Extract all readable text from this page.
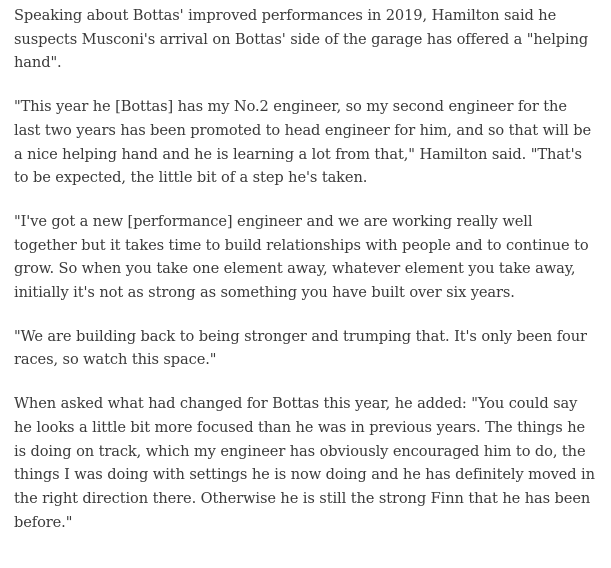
Speaking about Bottas' improved performances in 2019, Hamilton said he suspects Musconi's arrival on Bottas' side of the garage has offered a "helping hand".

"This year he [Bottas] has my No.2 engineer, so my second engineer for the last two years has been promoted to head engineer for him, and so that will be a nice helping hand and he is learning a lot from that," Hamilton said. "That's to be expected, the little bit of a step he's taken.

"I've got a new [performance] engineer and we are working really well together but it takes time to build relationships with people and to continue to grow. So when you take one element away, whatever element you take away, initially it's not as strong as something you have built over six years.

"We are building back to being stronger and trumping that. It's only been four races, so watch this space."

When asked what had changed for Bottas this year, he added: "You could say he looks a little bit more focused than he was in previous years. The things he is doing on track, which my engineer has obviously encouraged him to do, the things I was doing with settings he is now doing and he has definitely moved in the right direction there. Otherwise he is still the strong Finn that he has been before."
